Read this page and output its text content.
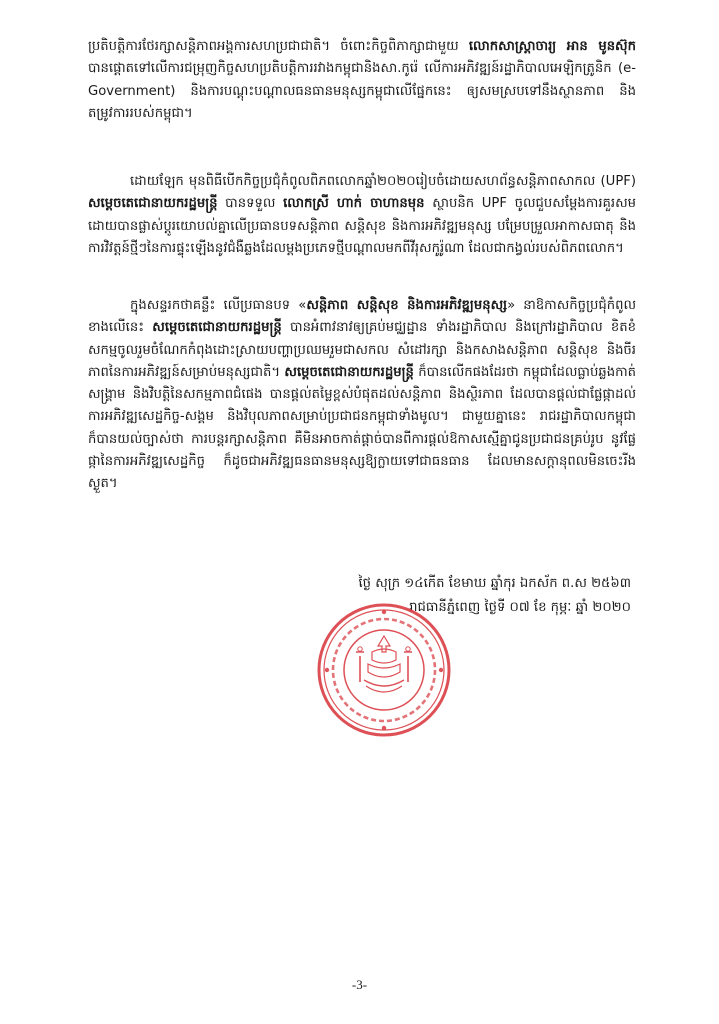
ប្រតិបត្តិការថែរក្សាសន្តិភាពអង្គការសហប្រជាជាតិ។ ចំពោះកិច្ចពិភាក្សាជាមួយ លោកសាស្ត្រាចារ្យ អាន មូនស៊ុក បានផ្តោតទៅលើការជម្រុញកិច្ចសហប្រតិបត្តិការរវាងកម្ពុជានិងសា.កូរ៉េ លើការអភិវឌ្ឍន៍រដ្ឋាភិបាលអេឡិកត្រូនិក (e-Government) និងការបណ្តុះបណ្តាលធនធានមនុស្សកម្ពុជាលើផ្នែកនេះ ឲ្យសមស្របទៅនឹងស្ថានភាព និងតម្រូវការរបស់កម្ពុជា។

ដោយឡែក មុនពិធីបើកកិច្ចប្រជុំកំពូលពិភពលោកឆ្នាំ២០២០រៀបចំដោយសហព័ន្ធសន្តិភាពសាកល (UPF) សម្តេចតេជោនាយករដ្ឋមន្ត្រី បានទទួល លោកស្រី ហាក់ ចាហានមុន ស្ថាបនិក UPF ចូលជួបសម្តែងការគួរសម ដោយបានផ្លាស់ប្តូរយោបល់គ្នាលើប្រធានបទសន្តិភាព សន្តិសុខ និងការអភិវឌ្ឍមនុស្ស បម្រែបម្រួលអាកាសធាតុ និងការវិវត្តន៍ថ្មីៗនៃការផ្ទុះឡើងនូវជំងឺឆ្លងដែលម្តងប្រភេទថ្មីបណ្តាលមកពីវីរុសកូរ៉ូណា ដែលជាកង្វល់របស់ពិភពលោក។

ក្នុងសន្ទរកថាគន្លឹះ លើប្រធានបទ «សន្តិភាព សន្តិសុខ និងការអភិវឌ្ឍមនុស្ស» នាឱកាសកិច្ចប្រជុំកំពូលខាងលើនេះ សម្តេចតេជោនាយករដ្ឋមន្ត្រី បានអំពាវនាវឲ្យគ្រប់មជ្ឈដ្ឋាន ទាំងរដ្ឋាភិបាល និងក្រៅរដ្ឋាភិបាល ខិតខំសកម្មចូលរួមចំណែកកំពុងដោះស្រាយបញ្ហាប្រឈមរួមជាសកល សំដៅរក្សា និងកសាងសន្តិភាព សន្តិសុខ និងចីរភាពនៃការអភិវឌ្ឍន៍សម្រាប់មនុស្សជាតិ។ សម្តេចតេជោនាយករដ្ឋមន្ត្រី ក៏បានលើកផងដែរថា កម្ពុជាដែលធ្លាប់ឆ្លងកាត់សង្គ្រាម និងវិបត្តិនៃសកម្មភាពជំផេង បានផ្តល់តម្លៃខ្ពស់បំផុតដល់សន្តិភាព និងស្ថិរភាព ដែលបានផ្តល់ជាផ្លែផ្កាដល់ការអភិវឌ្ឍសេដ្ឋកិច្ច-សង្គម និងវិបុលភាពសម្រាប់ប្រជាជនកម្ពុជាទាំងមូល។ ជាមួយគ្នានេះ រាជរដ្ឋាភិបាលកម្ពុជាក៏បានយល់ច្បាស់ថា ការបន្តរក្សាសន្តិភាព គឺមិនអាចកាត់ផ្តាច់បានពីការផ្តល់ឱកាសស្មើគ្នាជូនប្រជាជនគ្រប់រូប នូវផ្លែផ្កានៃការអភិវឌ្ឍសេដ្ឋកិច្ច ក៏ដូចជាអភិវឌ្ឍធនធានមនុស្សឱ្យក្លាយទៅជាធនធាន ដែលមានសក្តានុពលមិនចេះរីងស្ងួត។

ថ្ងៃ សុក្រ ១៤កើត ខែមាឃ ឆ្នាំកុរ ឯកស័ក ព.ស ២៥៦៣
រាជធានីភ្នំពេញ ថ្ងៃទី ០៧ ខែ កុម្ភៈ ឆ្នាំ ២០២០
-3-
